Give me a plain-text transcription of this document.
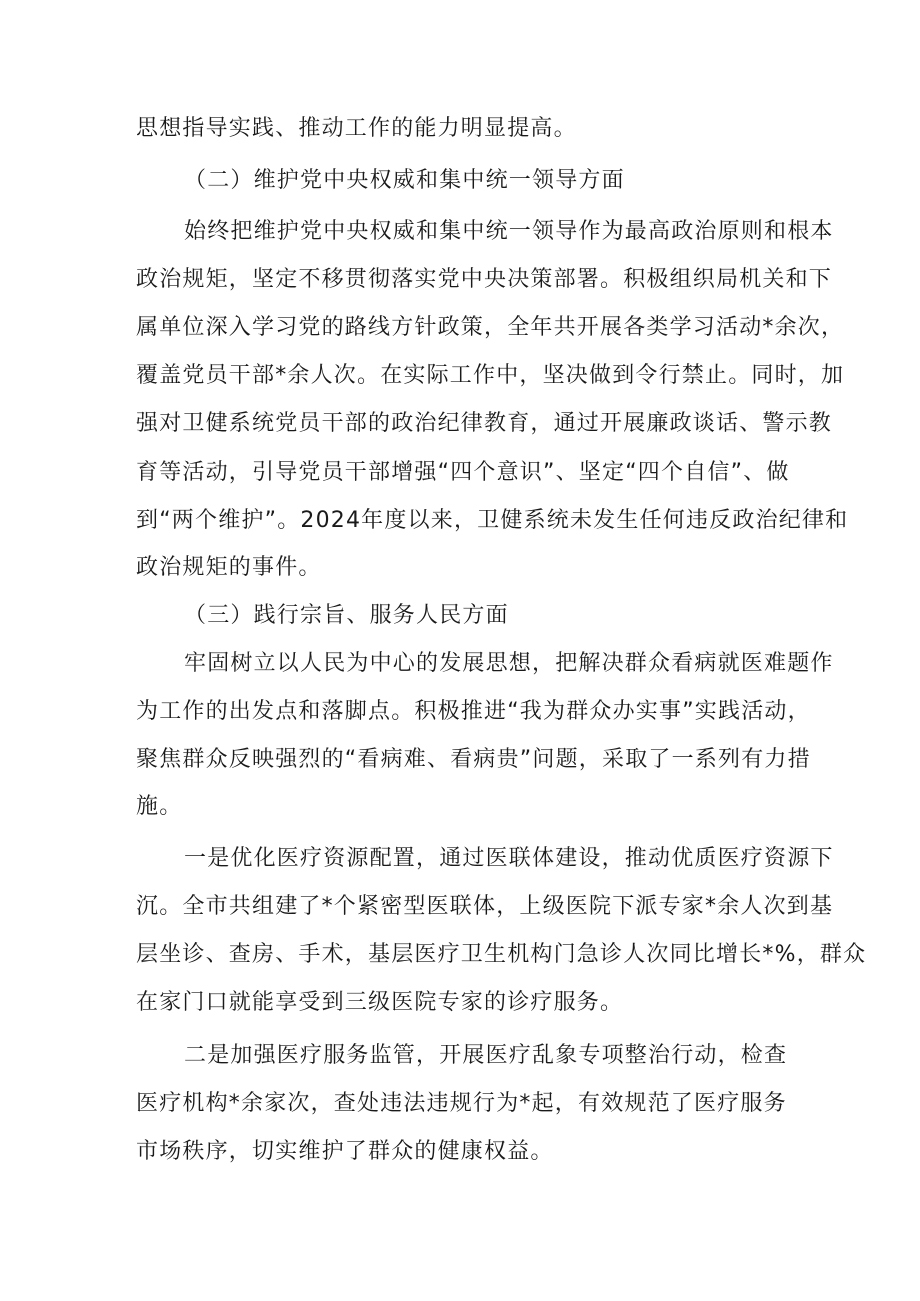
思想指导实践、推动工作的能力明显提高。
（二）维护党中央权威和集中统一领导方面
始终把维护党中央权威和集中统一领导作为最高政治原则和根本
政治规矩，坚定不移贯彻落实党中央决策部署。积极组织局机关和下
属单位深入学习党的路线方针政策，全年共开展各类学习活动*余次，
覆盖党员干部*余人次。在实际工作中，坚决做到令行禁止。同时，加
强对卫健系统党员干部的政治纪律教育，通过开展廉政谈话、警示教
育等活动，引导党员干部增强“四个意识”、坚定“四个自信”、做
到“两个维护”。2024年度以来，卫健系统未发生任何违反政治纪律和
政治规矩的事件。
（三）践行宗旨、服务人民方面
牢固树立以人民为中心的发展思想，把解决群众看病就医难题作
为工作的出发点和落脚点。积极推进“我为群众办实事”实践活动，
聚焦群众反映强烈的“看病难、看病贵”问题，采取了一系列有力措
施。
一是优化医疗资源配置，通过医联体建设，推动优质医疗资源下
沉。全市共组建了*个紧密型医联体，上级医院下派专家*余人次到基
层坐诊、查房、手术，基层医疗卫生机构门急诊人次同比增长*%，群众
在家门口就能享受到三级医院专家的诊疗服务。
二是加强医疗服务监管，开展医疗乱象专项整治行动，检查
医疗机构*余家次，查处违法违规行为*起，有效规范了医疗服务
市场秩序，切实维护了群众的健康权益。
